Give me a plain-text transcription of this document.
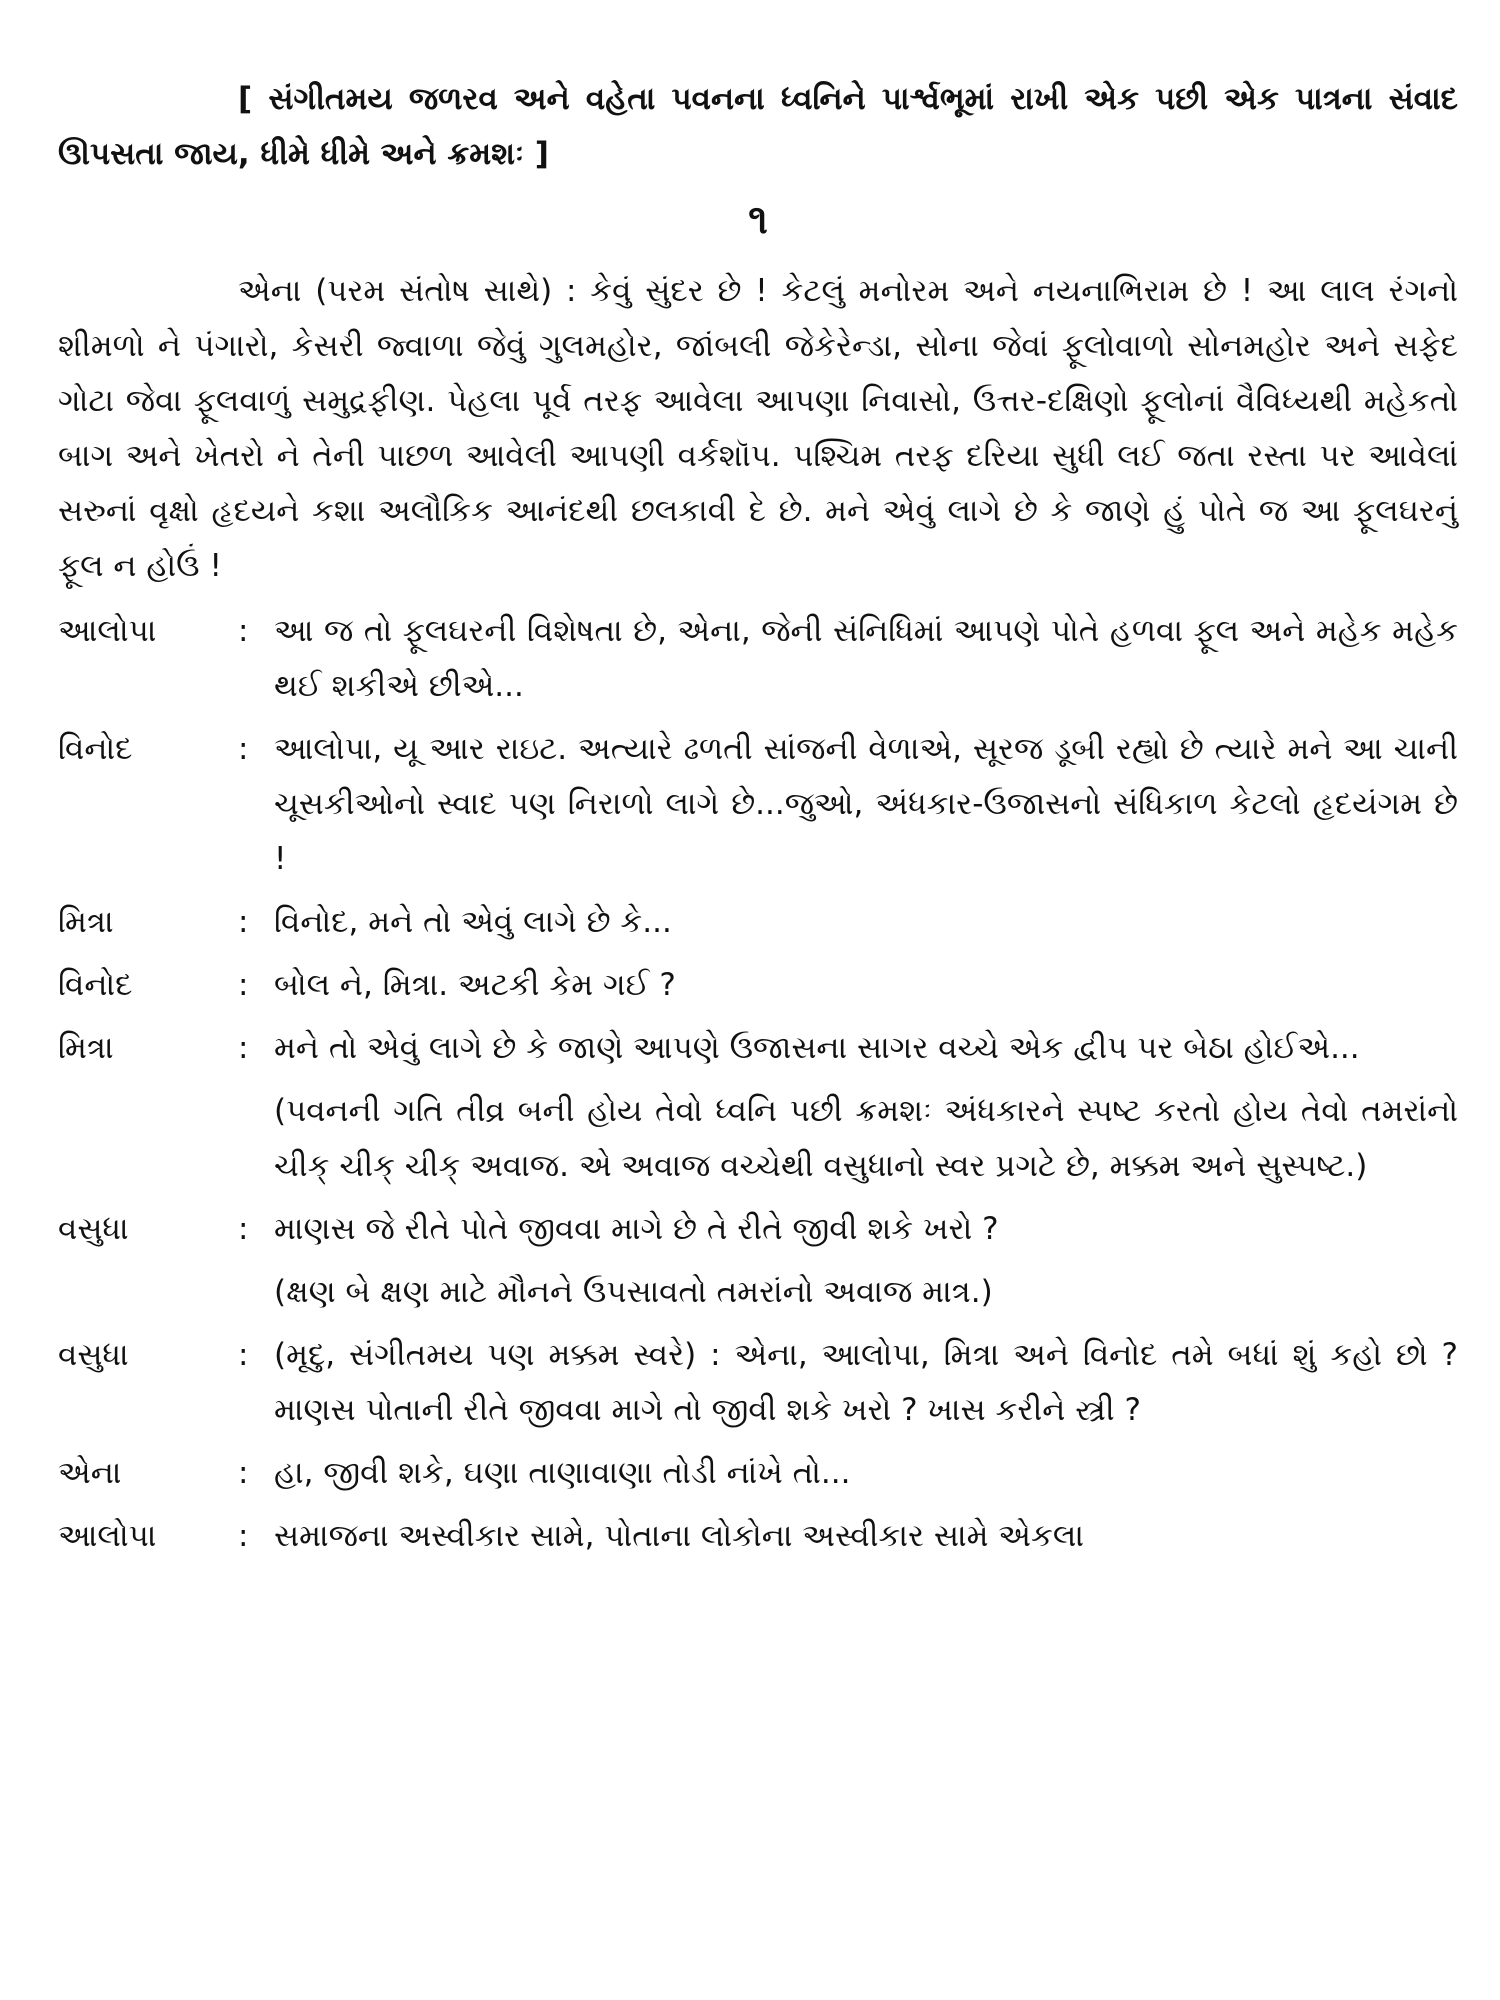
[ સંગીતમય જળરવ અને વહેતા પવનના ધ્વનિને પાર્શ્વભૂમાં રાખી એક પછી એક પાત્રના સંવાદ ઊપસતા જાય, ધીમે ધીમે અને ક્રમશઃ ]

૧

એના (પરમ સંતોષ સાથે) : કેવું સુંદર છે ! કેટલું મનોરમ અને નયનાભિરામ છે ! આ લાલ રંગનો શીમળો ને પંગારો, કેસરી જ્વાળા જેવું ગુલમહોર, જાંબલી જેકેરેન્ડા, સોના જેવાં ફૂલોવાળો સોનમહોર અને સફેદ ગોટા જેવા ફૂલવાળું સમુદ્રફીણ. પેહલા પૂર્વ તરફ આવેલા આપણા નિવાસો, ઉત્તર-દક્ષિણો ફૂલોનાં વૈવિધ્યથી મહેકતો બાગ અને ખેતરો ને તેની પાછળ આવેલી આપણી વર્કશૉપ. પશ્ચિમ તરફ દરિયા સુધી લઈ જતા રસ્તા પર આવેલાં સરુનાં વૃક્ષો હૃદયને કશા અલૌકિક આનંદથી છલકાવી દે છે. મને એવું લાગે છે કે જાણે હું પોતે જ આ ફૂલઘરનું ફૂલ ન હોઉં !

આલોપા	: આ જ તો ફૂલઘરની વિશેષતા છે, એના, જેની સંનિધિમાં આપણે પોતે હળવા ફૂલ અને મહેક મહેક થઈ શકીએ છીએ...
વિનોદ	: આલોપા, યૂ આર રાઇટ. અત્યારે ઢળતી સાંજની વેળાએ, સૂરજ ડૂબી રહ્યો છે ત્યારે મને આ ચાની ચૂસકીઓનો સ્વાદ પણ નિરાળો લાગે છે...જુઓ, અંધકાર-ઉજાસનો સંધિકાળ કેટલો હૃદયંગમ છે !
મિત્રા	: વિનોદ, મને તો એવું લાગે છે કે...
વિનોદ	: બોલ ને, મિત્રા. અટકી કેમ ગઈ ?
મિત્રા	: મને તો એવું લાગે છે કે જાણે આપણે ઉજાસના સાગર વચ્ચે એક દ્વીપ પર બેઠા હોઈએ...
(પવનની ગતિ તીવ્ર બની હોય તેવો ધ્વનિ પછી ક્રમશઃ અંધકારને સ્પષ્ટ કરતો હોય તેવો તમરાંનો ચીક્ ચીક્ ચીક્ અવાજ. એ અવાજ વચ્ચેથી વસુધાનો સ્વર પ્રગટે છે, મક્કમ અને સુસ્પષ્ટ.)
વસુધા	: માણસ જે રીતે પોતે જીવવા માગે છે તે રીતે જીવી શકે ખરો ?
(ક્ષણ બે ક્ષણ માટે મૌનને ઉપસાવતો તમરાંનો અવાજ માત્ર.)
વસુધા	: (મૃદુ, સંગીતમય પણ મક્કમ સ્વરે) : એના, આલોપા, મિત્રા અને વિનોદ તમે બધાં શું કહો છો ? માણસ પોતાની રીતે જીવવા માગે તો જીવી શકે ખરો ? ખાસ કરીને સ્ત્રી ?
એના	: હા, જીવી શકે, ઘણા તાણાવાણા તોડી નાંખે તો...
આલોપા	: સમાજના અસ્વીકાર સામે, પોતાના લોકોના અસ્વીકાર સામે એકલા
